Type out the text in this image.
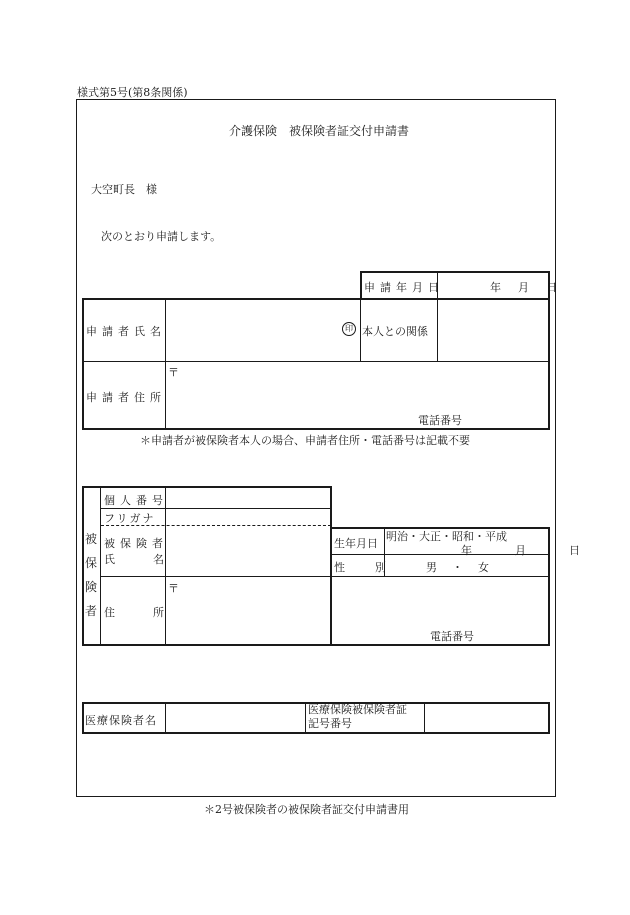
様式第5号(第8条関係)
介護保険　被保険者証交付申請書
大空町長　様
次のとおり申請します。
申請年月日	年　月　日
申請者氏名	印 本人との関係
申請者住所
〒
電話番号
＊申請者が被保険者本人の場合、申請者住所・電話番号は記載不要
被
保
険
者
個人番号
フリガナ
被保険者
氏名
生年月日
明治・大正・昭和・平成
年　月　日
性別 男　・　女
住所
〒
電話番号
医療保険者名
医療保険被保険者証
記号番号
＊2号被保険者の被保険者証交付申請書用
